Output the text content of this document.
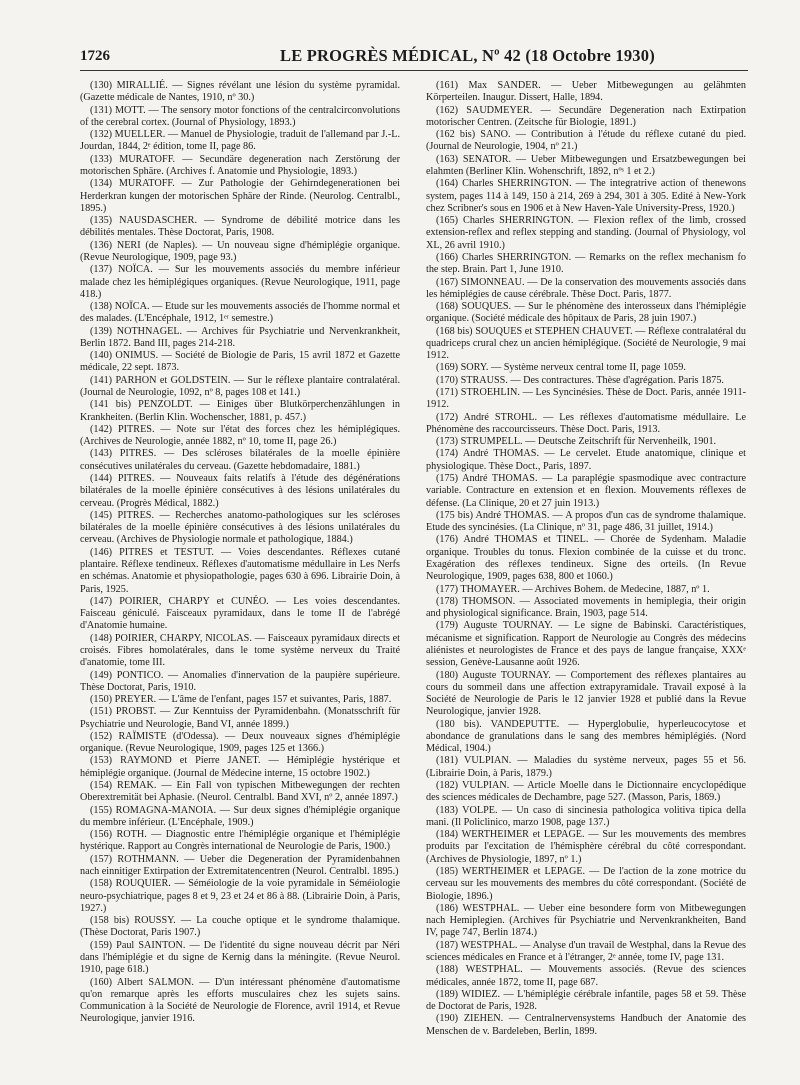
1726	LE PROGRÈS MÉDICAL, Nº 42 (18 Octobre 1930)

(130) MIRALLIÉ. — Signes révélant une lésion du système pyramidal. (Gazette médicale de Nantes, 1910, nº 30.)

(131) MOTT. — The sensory motor fonctions of the centralcirconvolutions of the cerebral cortex. (Journal of Physiology, 1893.)

(132) MUELLER. — Manuel de Physiologie, traduit de l'allemand par J.-L. Jourdan, 1844, 2ᵉ édition, tome II, page 86.

(133) MURATOFF. — Secundäre degeneration nach Zerstörung der motorischen Sphäre. (Archives f. Anatomie und Physiologie, 1893.)

(134) MURATOFF. — Zur Pathologie der Gehirndegenerationen bei Herderkran kungen der motorischen Sphäre der Rinde. (Neurolog. Centralbl., 1895.)

(135) NAUSDASCHER. — Syndrome de débilité motrice dans les débilités mentales. Thèse Doctorat, Paris, 1908.

(136) NERI (de Naples). — Un nouveau signe d'hémiplégie organique. (Revue Neurologique, 1909, page 93.)

(137) NOÏCA. — Sur les mouvements associés du membre inférieur malade chez les hémiplégiques organiques. (Revue Neurologique, 1911, page 418.)

(138) NOÏCA. — Etude sur les mouvements associés de l'homme normal et des malades. (L'Encéphale, 1912, 1ᵉʳ semestre.)

(139) NOTHNAGEL. — Archives für Psychiatrie und Nervenkrankheit, Berlin 1872. Band III, pages 214-218.

(140) ONIMUS. — Société de Biologie de Paris, 15 avril 1872 et Gazette médicale, 22 sept. 1873.

(141) PARHON et GOLDSTEIN. — Sur le réflexe plantaire contralatéral. (Journal de Neurologie, 1092, nº 8, pages 108 et 141.)

(141 bis) PENZOLDT. — Einiges über Blutkörperchenzählungen in Krankheiten. (Berlin Klin. Wochenscher, 1881, p. 457.)

(142) PITRES. — Note sur l'état des forces chez les hémiplégiques. (Archives de Neurologie, année 1882, nº 10, tome II, page 26.)

(143) PITRES. — Des scléroses bilatérales de la moelle épinière consécutives unilatérales du cerveau. (Gazette hebdomadaire, 1881.)

(144) PITRES. — Nouveaux faits relatifs à l'étude des dégénérations bilatérales de la moelle épinière consécutives à des lésions unilatérales du cerveau. (Progrès Médical, 1882.)

(145) PITRES. — Recherches anatomo-pathologiques sur les scléroses bilatérales de la moelle épinière consécutives à des lésions unilatérales du cerveau. (Archives de Physiologie normale et pathologique, 1884.)

(146) PITRES et TESTUT. — Voies descendantes. Réflexes cutané plantaire. Réflexe tendineux. Réflexes d'automatisme médullaire in Les Nerfs en schémas. Anatomie et physiopathologie, pages 630 à 696. Librairie Doin, à Paris, 1925.

(147) POIRIER, CHARPY et CUNÉO. — Les voies descendantes. Faisceau géniculé. Faisceaux pyramidaux, dans le tome II de l'abrégé d'Anatomie humaine.

(148) POIRIER, CHARPY, NICOLAS. — Faisceaux pyramidaux directs et croisés. Fibres homolatérales, dans le tome système nerveux du Traité d'anatomie, tome III.

(149) PONTICO. — Anomalies d'innervation de la paupière supérieure. Thèse Doctorat, Paris, 1910.

(150) PREYER. — L'âme de l'enfant, pages 157 et suivantes, Paris, 1887.

(151) PROBST. — Zur Kenntuiss der Pyramidenbahn. (Monatsschrift für Psychiatrie und Neurologie, Band VI, année 1899.)

(152) RAÏMISTE (d'Odessa). — Deux nouveaux signes d'hémiplégie organique. (Revue Neurologique, 1909, pages 125 et 1366.)

(153) RAYMOND et Pierre JANET. — Hémiplégie hystérique et hémiplégie organique. (Journal de Médecine interne, 15 octobre 1902.)

(154) REMAK. — Ein Fall von typischen Mitbewegungen der rechten Oberextremität bei Aphasie. (Neurol. Centralbl. Band XVI, nº 2, année 1897.)

(155) ROMAGNA-MANOIA. — Sur deux signes d'hémiplégie organique du membre inférieur. (L'Encéphale, 1909.)

(156) ROTH. — Diagnostic entre l'hémiplégie organique et l'hémiplégie hystérique. Rapport au Congrès international de Neurologie de Paris, 1900.)

(157) ROTHMANN. — Ueber die Degeneration der Pyramidenbahnen nach einnitiger Extirpation der Extremitatencentren (Neurol. Centralbl. 1895.)

(158) ROUQUIER. — Séméiologie de la voie pyramidale in Séméiologie neuro-psychiatrique, pages 8 et 9, 23 et 24 et 86 à 88. (Librairie Doin, à Paris, 1927.)

(158 bis) ROUSSY. — La couche optique et le syndrome thalamique. (Thèse Doctorat, Paris 1907.)

(159) Paul SAINTON. — De l'identité du signe nouveau décrit par Néri dans l'hémiplégie et du signe de Kernig dans la méningite. (Revue Neurol. 1910, page 618.)

(160) Albert SALMON. — D'un intéressant phénomène d'automatisme qu'on remarque après les efforts musculaires chez les sujets sains. Communication à la Société de Neurologie de Florence, avril 1914, et Revue Neurologique, janvier 1916.

(161) Max SANDER. — Ueber Mitbewegungen au gelähmten Körperteilen. Inaugur. Dissert, Halle, 1894.

(162) SAUDMEYER. — Secundäre Degeneration nach Extirpation motorischer Centren. (Zeitsche für Biologie, 1891.)

(162 bis) SANO. — Contribution à l'étude du réflexe cutané du pied. (Journal de Neurologie, 1904, nº 21.)

(163) SENATOR. — Ueber Mitbewegungen und Ersatzbewegungen bei elahmten (Berliner Klin. Wohenschrift, 1892, nºˢ 1 et 2.)

(164) Charles SHERRINGTON. — The integratrive action of thenewons system, pages 114 à 149, 150 à 214, 269 à 294, 301 à 305. Edité à New-York chez Scribner's sous en 1906 et à New Haven-Yale University-Press, 1920.)

(165) Charles SHERRINGTON. — Flexion reflex of the limb, crossed extension-reflex and reflex stepping and standing. (Journal of Physiology, vol XL, 26 avril 1910.)

(166) Charles SHERRINGTON. — Remarks on the reflex mechanism fo the step. Brain. Part 1, June 1910.

(167) SIMONNEAU. — De la conservation des mouvements associés dans les hémiplégies de cause cérébrale. Thèse Doct. Paris, 1877.

(168) SOUQUES. — Sur le phénomène des interosseux dans l'hémiplégie organique. (Société médicale des hôpitaux de Paris, 28 juin 1907.)

(168 bis) SOUQUES et STEPHEN CHAUVET. — Réflexe contralatéral du quadriceps crural chez un ancien hémiplégique. (Société de Neurologie, 9 mai 1912.

(169) SORY. — Système nerveux central tome II, page 1059.

(170) STRAUSS. — Des contractures. Thèse d'agrégation. Paris 1875.

(171) STROEHLIN. — Les Syncinésies. Thèse de Doct. Paris, année 1911-1912.

(172) André STROHL. — Les réflexes d'automatisme médullaire. Le Phénomène des raccourcisseurs. Thèse Doct. Paris, 1913.

(173) STRUMPELL. — Deutsche Zeitschrift für Nervenheilk, 1901.

(174) André THOMAS. — Le cervelet. Etude anatomique, clinique et physiologique. Thèse Doct., Paris, 1897.

(175) André THOMAS. — La paraplégie spasmodique avec contracture variable. Contracture en extension et en flexion. Mouvements réflexes de défense. (La Clinique, 20 et 27 juin 1913.)

(175 bis) André THOMAS. — A propos d'un cas de syndrome thalamique. Etude des syncinésies. (La Clinique, nº 31, page 486, 31 juillet, 1914.)

(176) André THOMAS et TINEL. — Chorée de Sydenham. Maladie organique. Troubles du tonus. Flexion combinée de la cuisse et du tronc. Exagération des réflexes tendineux. Signe des orteils. (In Revue Neurologique, 1909, pages 638, 800 et 1060.)

(177) THOMAYER. — Archives Bohem. de Medecine, 1887, nº 1.

(178) THOMSON. — Associated movements in hemiplegia, their origin and physiological significance. Brain, 1903, page 514.

(179) Auguste TOURNAY. — Le signe de Babinski. Caractéristiques, mécanisme et signification. Rapport de Neurologie au Congrès des médecins aliénistes et neurologistes de France et des pays de langue française, XXXᵉ session, Genève-Lausanne août 1926.

(180) Auguste TOURNAY. — Comportement des réflexes plantaires au cours du sommeil dans une affection extrapyramidale. Travail exposé à la Société de Neurologie de Paris le 12 janvier 1928 et publié dans la Revue Neurologique, janvier 1928.

(180 bis). VANDEPUTTE. — Hyperglobulie, hyperleucocytose et abondance de granulations dans le sang des membres hémiplégiés. (Nord Médical, 1904.)

(181) VULPIAN. — Maladies du système nerveux, pages 55 et 56. (Librairie Doin, à Paris, 1879.)

(182) VULPIAN. — Article Moelle dans le Dictionnaire encyclopédique des sciences médicales de Dechambre, page 527. (Masson, Paris, 1869.)

(183) VOLPE. — Un caso di sincinesia pathologica volitiva tipica della mani. (Il Policlinico, marzo 1908, page 137.)

(184) WERTHEIMER et LEPAGE. — Sur les mouvements des membres produits par l'excitation de l'hémisphère cérébral du côté correspondant. (Archives de Physiologie, 1897, nº 1.)

(185) WERTHEIMER et LEPAGE. — De l'action de la zone motrice du cerveau sur les mouvements des membres du côté correspondant. (Société de Biologie, 1896.)

(186) WESTPHAL. — Ueber eine besondere form von Mitbewegungen nach Hemiplegien. (Archives für Psychiatrie und Nervenkrankheiten, Band IV, page 747, Berlin 1874.)

(187) WESTPHAL. — Analyse d'un travail de Westphal, dans la Revue des sciences médicales en France et à l'étranger, 2ᵉ année, tome IV, page 131.

(188) WESTPHAL. — Mouvements associés. (Revue des sciences médicales, année 1872, tome II, page 687.

(189) WIDIEZ. — L'hémiplégie cérébrale infantile, pages 58 et 59. Thèse de Doctorat de Paris, 1928.

(190) ZIEHEN. — Centralnervensystems Handbuch der Anatomie des Menschen de v. Bardeleben, Berlin, 1899.
